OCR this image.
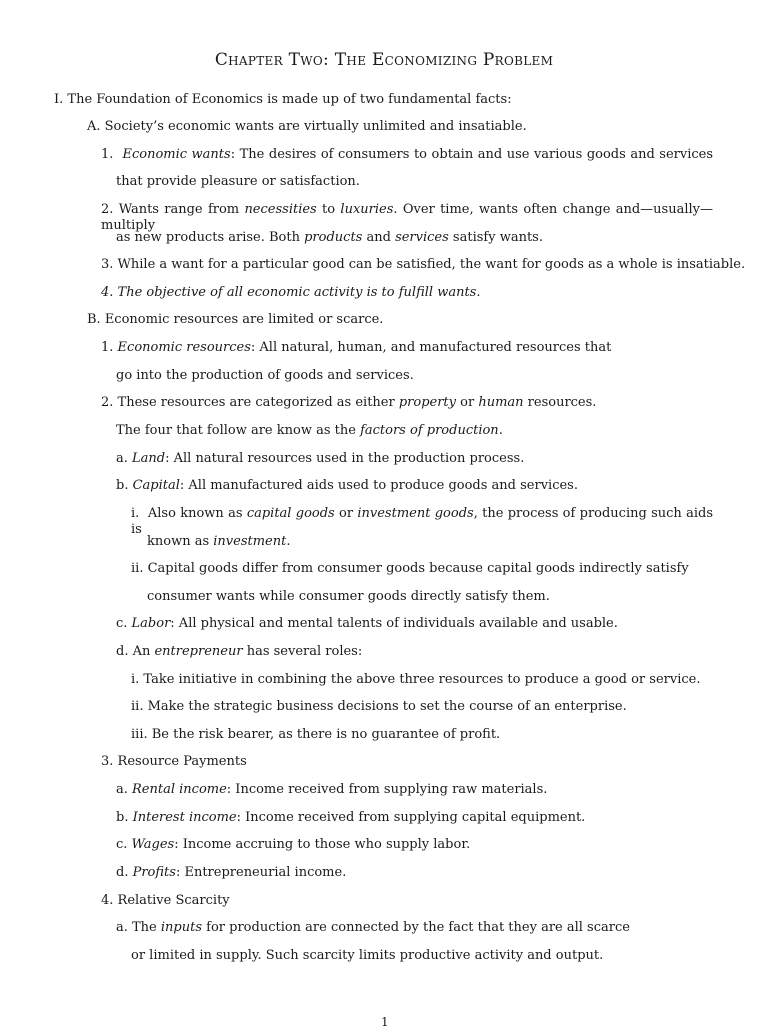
Chapter Two: The Economizing Problem

I. The Foundation of Economics is made up of two fundamental facts:

A. Society’s economic wants are virtually unlimited and insatiable.

1.  Economic wants: The desires of consumers to obtain and use various goods and services

that provide pleasure or satisfaction.

2. Wants range from necessities to luxuries. Over time, wants often change and—usually—multiply

as new products arise. Both products and services satisfy wants.

3. While a want for a particular good can be satisfied, the want for goods as a whole is insatiable.

4. The objective of all economic activity is to fulfill wants.

B. Economic resources are limited or scarce.

1. Economic resources: All natural, human, and manufactured resources that

go into the production of goods and services.

2. These resources are categorized as either property or human resources.

The four that follow are know as the factors of production.

a. Land: All natural resources used in the production process.

b. Capital: All manufactured aids used to produce goods and services.

i.  Also known as capital goods or investment goods, the process of producing such aids is

known as investment.

ii. Capital goods differ from consumer goods because capital goods indirectly satisfy

consumer wants while consumer goods directly satisfy them.

c. Labor: All physical and mental talents of individuals available and usable.

d. An entrepreneur has several roles:

i. Take initiative in combining the above three resources to produce a good or service.

ii. Make the strategic business decisions to set the course of an enterprise.

iii. Be the risk bearer, as there is no guarantee of profit.

3. Resource Payments

a. Rental income: Income received from supplying raw materials.

b. Interest income: Income received from supplying capital equipment.

c. Wages: Income accruing to those who supply labor.

d. Profits: Entrepreneurial income.

4. Relative Scarcity

a. The inputs for production are connected by the fact that they are all scarce

or limited in supply. Such scarcity limits productive activity and output.

1
